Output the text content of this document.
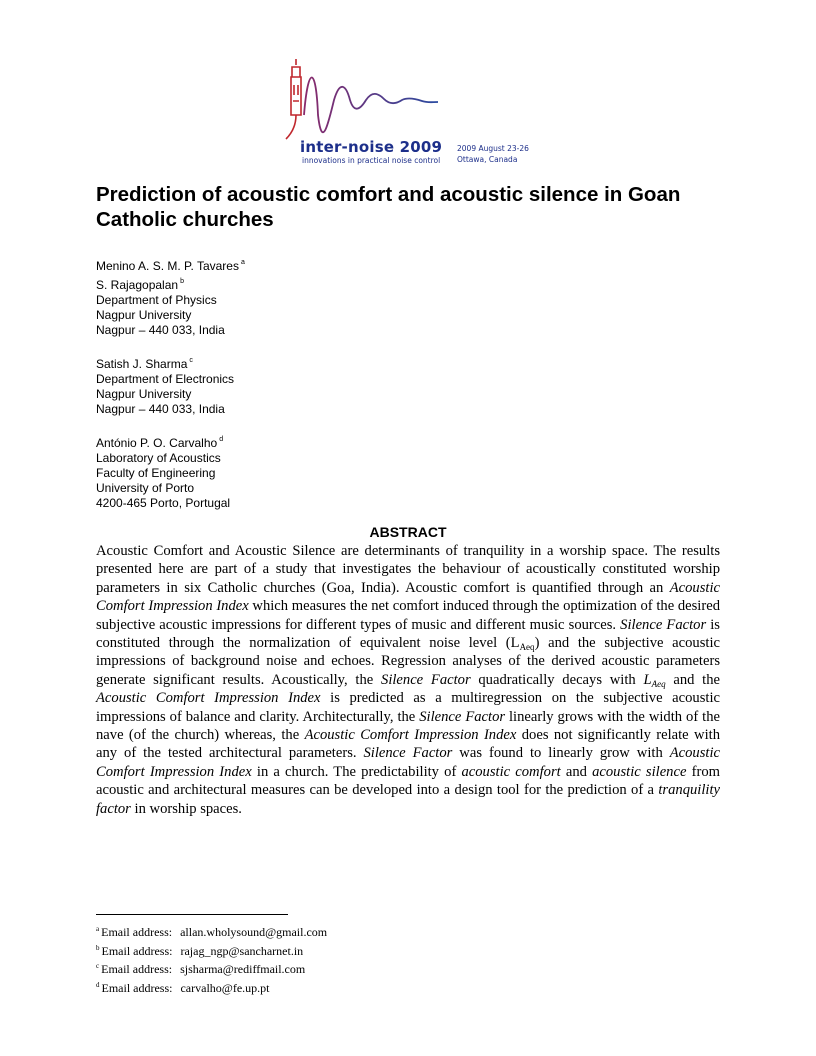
inter-noise 2009
innovations in practical noise control
2009 August 23-26
Ottawa, Canada
Prediction of acoustic comfort and acoustic silence in Goan Catholic churches
Menino A. S. M. P. Tavares $^a$
S. Rajagopalan $^b$
Department of Physics
Nagpur University
Nagpur – 440 033, India
Satish J. Sharma $^c$
Department of Electronics
Nagpur University
Nagpur – 440 033, India
António P. O. Carvalho $^d$
Laboratory of Acoustics
Faculty of Engineering
University of Porto
4200-465 Porto, Portugal
ABSTRACT

Acoustic Comfort and Acoustic Silence are determinants of tranquility in a worship space. The results presented here are part of a study that investigates the behaviour of acoustically constituted worship parameters in six Catholic churches (Goa, India). Acoustic comfort is quantified through an Acoustic Comfort Impression Index which measures the net comfort induced through the optimization of the desired subjective acoustic impressions for different types of music and different music sources. Silence Factor is constituted through the normalization of equivalent noise level $(L_{Aeq})$ and the subjective acoustic impressions of background noise and echoes. Regression analyses of the derived acoustic parameters generate significant results. Acoustically, the Silence Factor quadratically decays with $L_{Aeq}$ and the Acoustic Comfort Impression Index is predicted as a multiregression on the subjective acoustic impressions of balance and clarity. Architecturally, the Silence Factor linearly grows with the width of the nave (of the church) whereas, the Acoustic Comfort Impression Index does not significantly relate with any of the tested architectural parameters. Silence Factor was found to linearly grow with Acoustic Comfort Impression Index in a church. The predictability of acoustic comfort and acoustic silence from acoustic and architectural measures can be developed into a design tool for the prediction of a tranquility factor in worship spaces.

$^a$ Email address: allan.wholysound@gmail.com
$^b$ Email address: rajag_ngp@sancharnet.in
$^c$ Email address: sjsharma@rediffmail.com
$^d$ Email address: carvalho@fe.up.pt
